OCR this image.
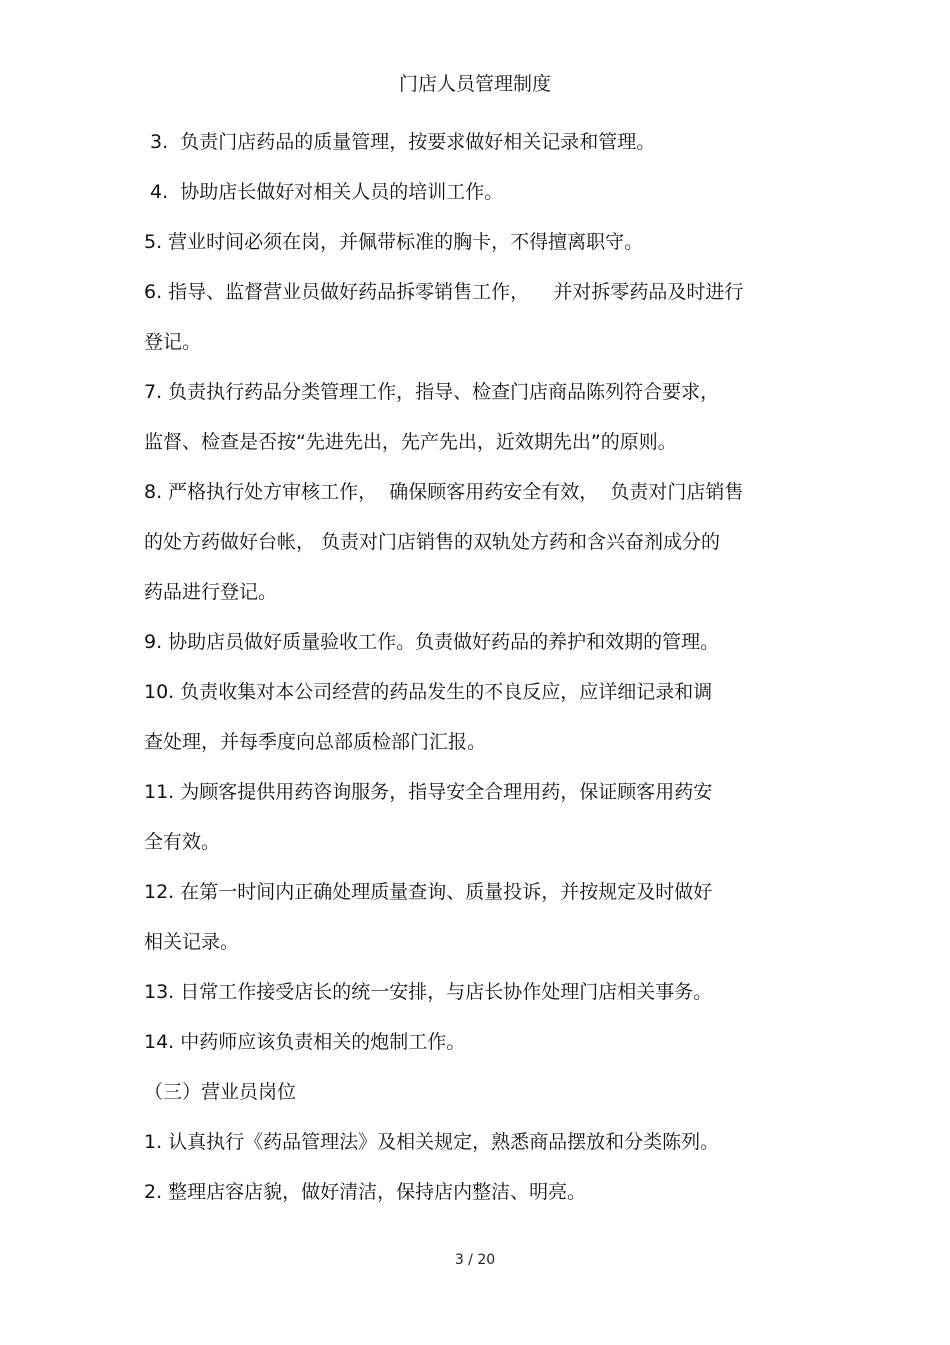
门店人员管理制度
3.  负责门店药品的质量管理，按要求做好相关记录和管理。
4.  协助店长做好对相关人员的培训工作。
5. 营业时间必须在岗，并佩带标准的胸卡，不得擅离职守。
6. 指导、监督营业员做好药品拆零销售工作，    并对拆零药品及时进行
登记。
7. 负责执行药品分类管理工作，指导、检查门店商品陈列符合要求，
监督、检查是否按“先进先出，先产先出，近效期先出”的原则。
8. 严格执行处方审核工作，  确保顾客用药安全有效，  负责对门店销售
的处方药做好台帐， 负责对门店销售的双轨处方药和含兴奋剂成分的
药品进行登记。
9. 协助店员做好质量验收工作。负责做好药品的养护和效期的管理。
10. 负责收集对本公司经营的药品发生的不良反应，应详细记录和调
查处理，并每季度向总部质检部门汇报。
11. 为顾客提供用药咨询服务，指导安全合理用药，保证顾客用药安
全有效。
12. 在第一时间内正确处理质量查询、质量投诉，并按规定及时做好
相关记录。
13. 日常工作接受店长的统一安排，与店长协作处理门店相关事务。
14. 中药师应该负责相关的炮制工作。
（三）营业员岗位
1. 认真执行《药品管理法》及相关规定，熟悉商品摆放和分类陈列。
2. 整理店容店貌，做好清洁，保持店内整洁、明亮。
3 / 20
